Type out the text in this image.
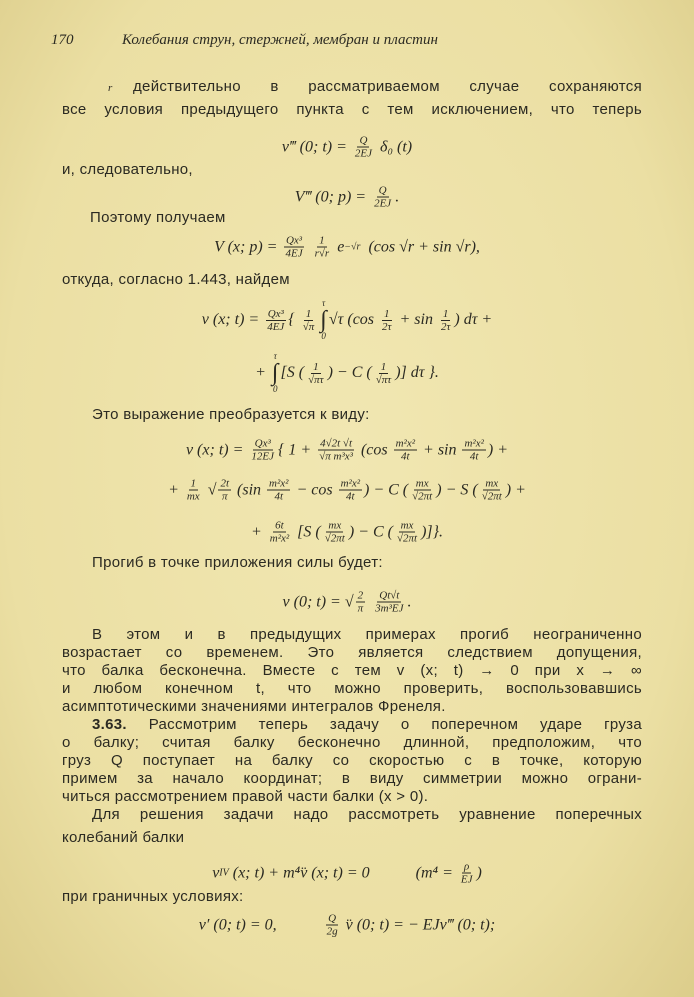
170	Колебания струн, стержней, мембран и пластин
r действительно в рассматриваемом случае сохраняются
все условия предыдущего пункта с тем исключением, что теперь
v‴ (0; $t) = \frac{Q}{2EJ} \delta_0$ (t)
и, следовательно,
V‴ (0; $p) = \frac{Q}{2EJ}$ .
Поэтому получаем
V (x; $p) = \frac{\text{Qx³}}{4EJ}$
$\frac{1}{r√r}$ e −√r (cos √r + sin √r),
откуда, согласно 1.443, найдем
v (x; $t) = \frac{\text{Qx³}}{4EJ}$ { $\frac{1}{√\pi}$
τ
∫
0
√τ ($\cos \frac{1}{2\tau} + \sin \frac{1}{2\tau}$ ) dτ +
+
τ
∫
0
[S ( $\frac{1}{√\pi\tau}$ ) − C ( $\frac{1}{√\pi\tau}$ )] dτ }.
Это выражение преобразуется к виду:
v (x; $t) = \frac{\text{Qx³}}{12EJ}$ { $1 + \frac{4√2t √t}{\text{√π m³x³}} (\cos \frac{\text{m²x²}}{4t} + \sin \frac{\text{m²x²}}{4t}$ ) +
+ $\frac{1}{mx}$ √ $\frac{2t}{\pi} (\sin \frac{\text{m²x²}}{4t} - \cos \frac{\text{m²x²}}{4t}$ ) − C ( $\frac{mx}{√2\pi t}$ ) − S ( $\frac{mx}{√2\pi t}$ ) +
+ $\frac{6t}{\text{m²x²}} [S$ ( $\frac{mx}{√2\pi t}$ ) − C ( $\frac{mx}{√2\pi t}$ )]}.
Прогиб в точке приложения силы будет:
v (0; t) = √ $\frac{2}{\pi}$
$\frac{Qt√t}{\text{3m³EJ}}$ .
В этом и в предыдущих примерах прогиб неограниченно
возрастает со временем. Это является следствием допущения,
что балка бесконечна. Вместе с тем v (x; t) → 0 при x → ∞
и любом конечном t, что можно проверить, воспользовавшись
асимптотическими значениями интегралов Френеля.
3.63. Рассмотрим теперь задачу о поперечном ударе груза
о балку; считая балку бесконечно длинной, предположим, что
груз Q поступает на балку со скоростью c в точке, которую
примем за начало координат; в виду симметрии можно ограни-
читься рассмотрением правой части балки (x > 0).
Для решения задачи надо рассмотреть уравнение поперечных
колебаний балки
v IV (x; t) + m⁴v̈ (x; t) = 0	($m^4 = \frac{\rho}{EJ}$ )
при граничных условиях:
v′ (0; t) = 0,	$\frac{Q}{2g}$ v̈ (0; t) = − EJv‴ (0; t);
